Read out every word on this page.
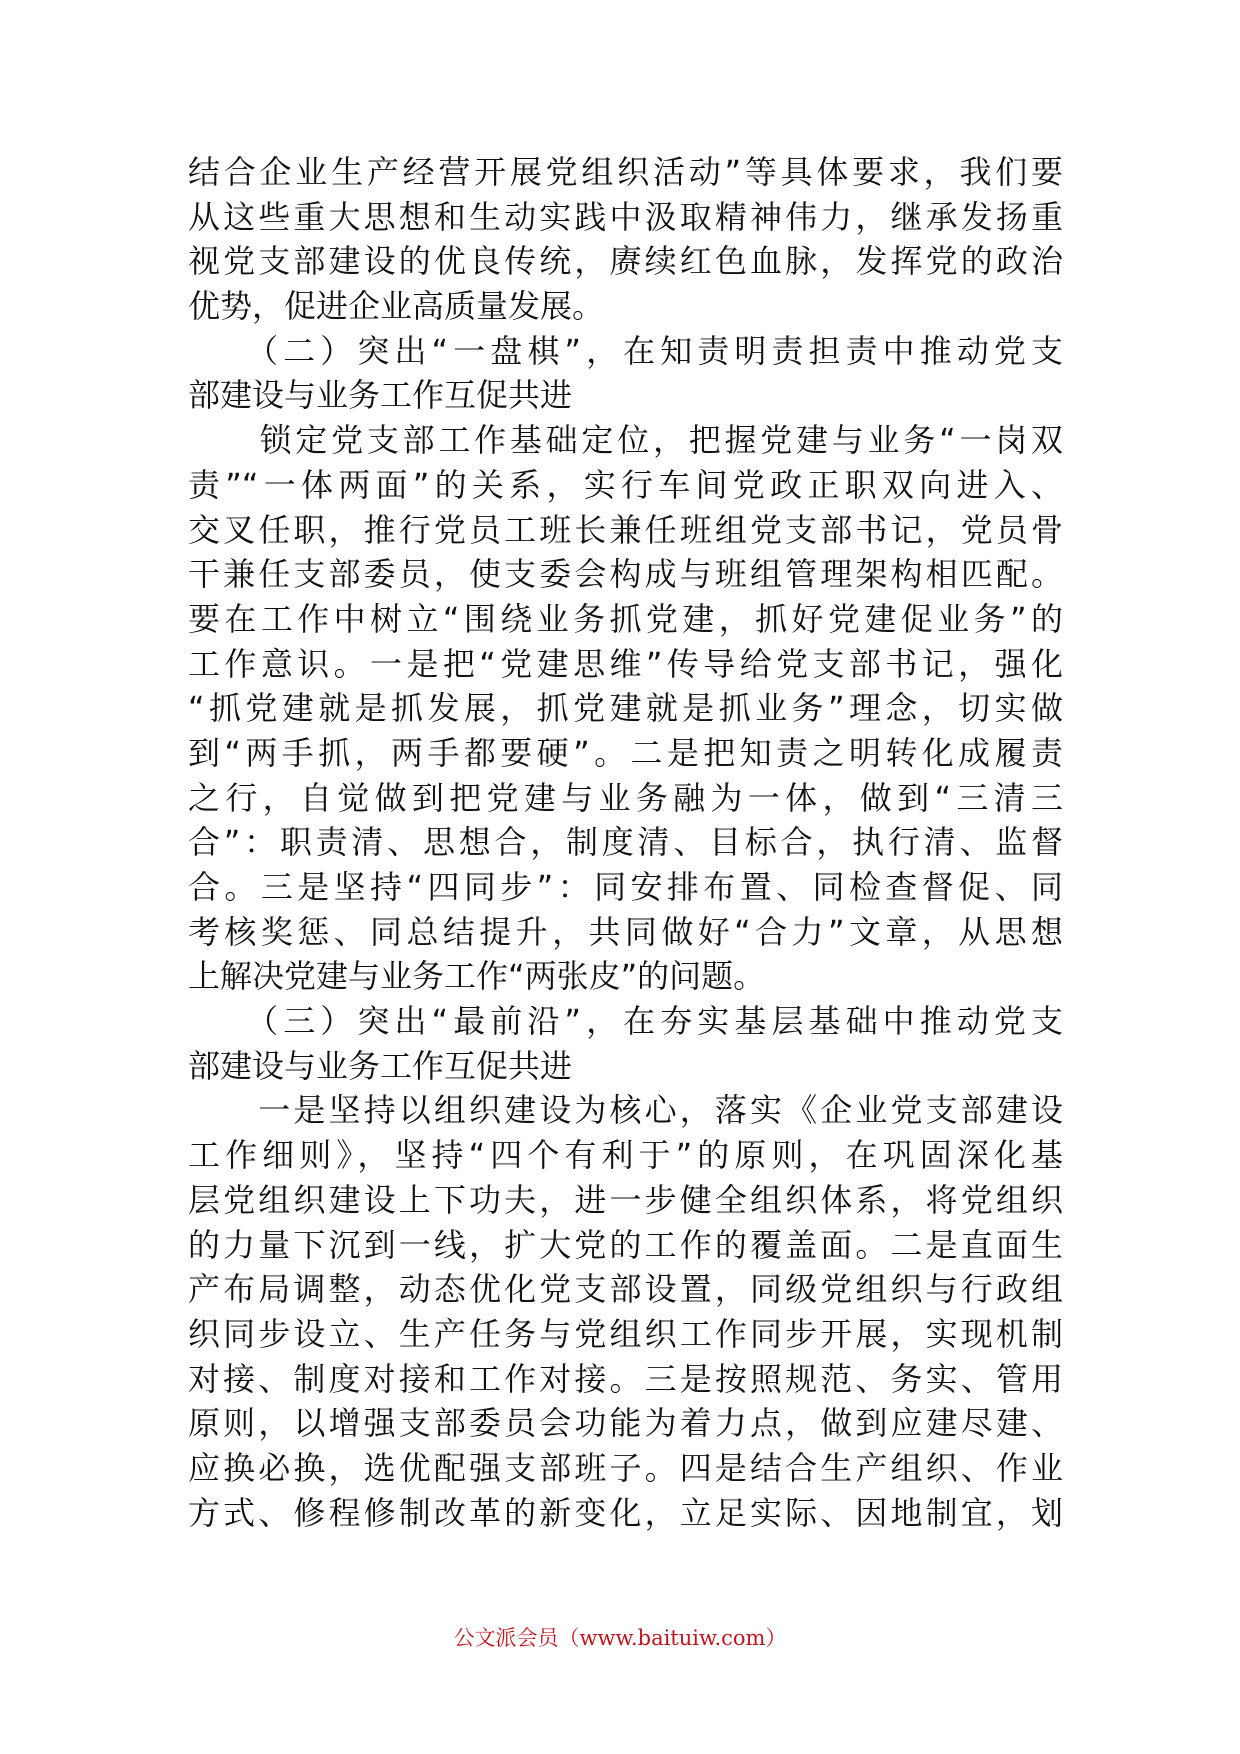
结合企业生产经营开展党组织活动”等具体要求，我们要
从这些重大思想和生动实践中汲取精神伟力，继承发扬重
视党支部建设的优良传统，赓续红色血脉，发挥党的政治
优势，促进企业高质量发展。
　　（二）突出“一盘棋”，在知责明责担责中推动党支
部建设与业务工作互促共进
　　锁定党支部工作基础定位，把握党建与业务“一岗双
责”“一体两面”的关系，实行车间党政正职双向进入、
交叉任职，推行党员工班长兼任班组党支部书记，党员骨
干兼任支部委员，使支委会构成与班组管理架构相匹配。
要在工作中树立“围绕业务抓党建，抓好党建促业务”的
工作意识。一是把“党建思维”传导给党支部书记，强化
“抓党建就是抓发展，抓党建就是抓业务”理念，切实做
到“两手抓，两手都要硬”。二是把知责之明转化成履责
之行，自觉做到把党建与业务融为一体，做到“三清三
合”：职责清、思想合，制度清、目标合，执行清、监督
合。三是坚持“四同步”：同安排布置、同检查督促、同
考核奖惩、同总结提升，共同做好“合力”文章，从思想
上解决党建与业务工作“两张皮”的问题。
　　（三）突出“最前沿”，在夯实基层基础中推动党支
部建设与业务工作互促共进
　　一是坚持以组织建设为核心，落实《企业党支部建设
工作细则》，坚持“四个有利于”的原则，在巩固深化基
层党组织建设上下功夫，进一步健全组织体系，将党组织
的力量下沉到一线，扩大党的工作的覆盖面。二是直面生
产布局调整，动态优化党支部设置，同级党组织与行政组
织同步设立、生产任务与党组织工作同步开展，实现机制
对接、制度对接和工作对接。三是按照规范、务实、管用
原则，以增强支部委员会功能为着力点，做到应建尽建、
应换必换，选优配强支部班子。四是结合生产组织、作业
方式、修程修制改革的新变化，立足实际、因地制宜，划
公文派会员（www.baituiw.com）
